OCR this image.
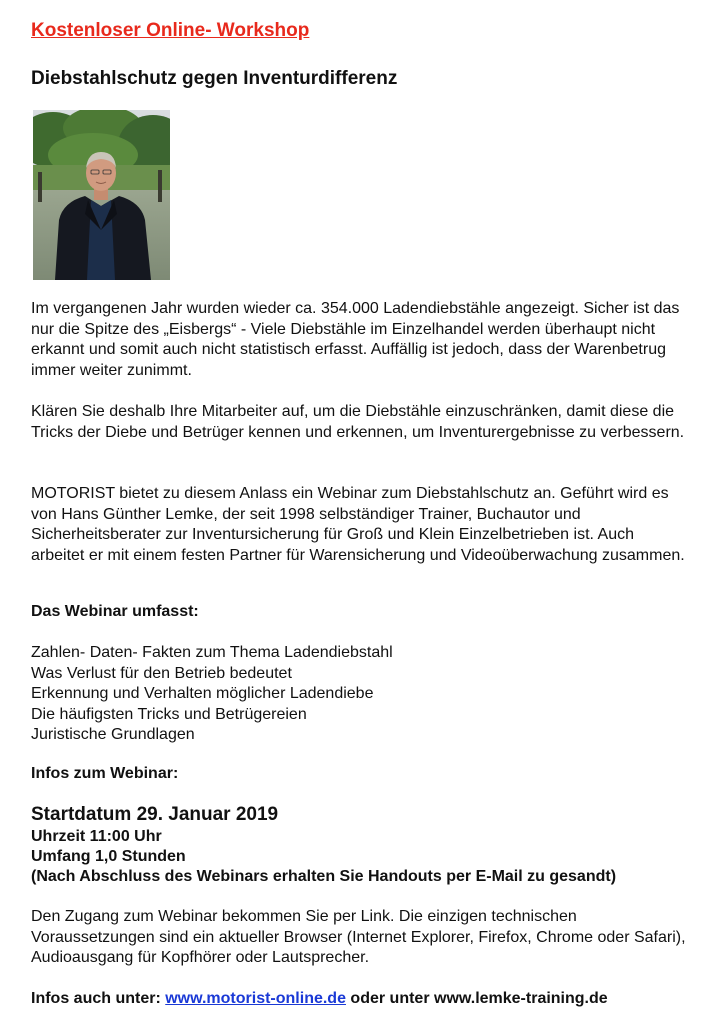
Kostenloser Online- Workshop
Diebstahlschutz gegen Inventurdifferenz

Im vergangenen Jahr wurden wieder ca. 354.000 Ladendiebstähle angezeigt. Sicher ist das nur die Spitze des „Eisbergs“ - Viele Diebstähle im Einzelhandel werden überhaupt nicht erkannt und somit auch nicht statistisch erfasst. Auffällig ist jedoch, dass der Warenbetrug immer weiter zunimmt.

Klären Sie deshalb Ihre Mitarbeiter auf, um die Diebstähle einzuschränken, damit diese die Tricks der Diebe und Betrüger kennen und erkennen, um Inventurergebnisse zu verbessern.

MOTORIST bietet zu diesem Anlass ein Webinar zum Diebstahlschutz an. Geführt wird es von Hans Günther Lemke, der seit 1998 selbständiger Trainer, Buchautor und Sicherheitsberater zur Inventursicherung für Groß und Klein Einzelbetrieben ist. Auch arbeitet er mit einem festen Partner für Warensicherung und Videoüberwachung zusammen.

Das Webinar umfasst:
Zahlen- Daten- Fakten zum Thema Ladendiebstahl
Was Verlust für den Betrieb bedeutet
Erkennung und Verhalten möglicher Ladendiebe
Die häufigsten Tricks und Betrügereien
Juristische Grundlagen
Infos zum Webinar:
Startdatum 29. Januar 2019
Uhrzeit 11:00 Uhr
Umfang 1,0 Stunden
(Nach Abschluss des Webinars erhalten Sie Handouts per E-Mail zu gesandt)

Den Zugang zum Webinar bekommen Sie per Link. Die einzigen technischen Voraussetzungen sind ein aktueller Browser (Internet Explorer, Firefox, Chrome oder Safari), Audioausgang für Kopfhörer oder Lautsprecher.

Infos auch unter: www.motorist-online.de oder unter www.lemke-training.de
